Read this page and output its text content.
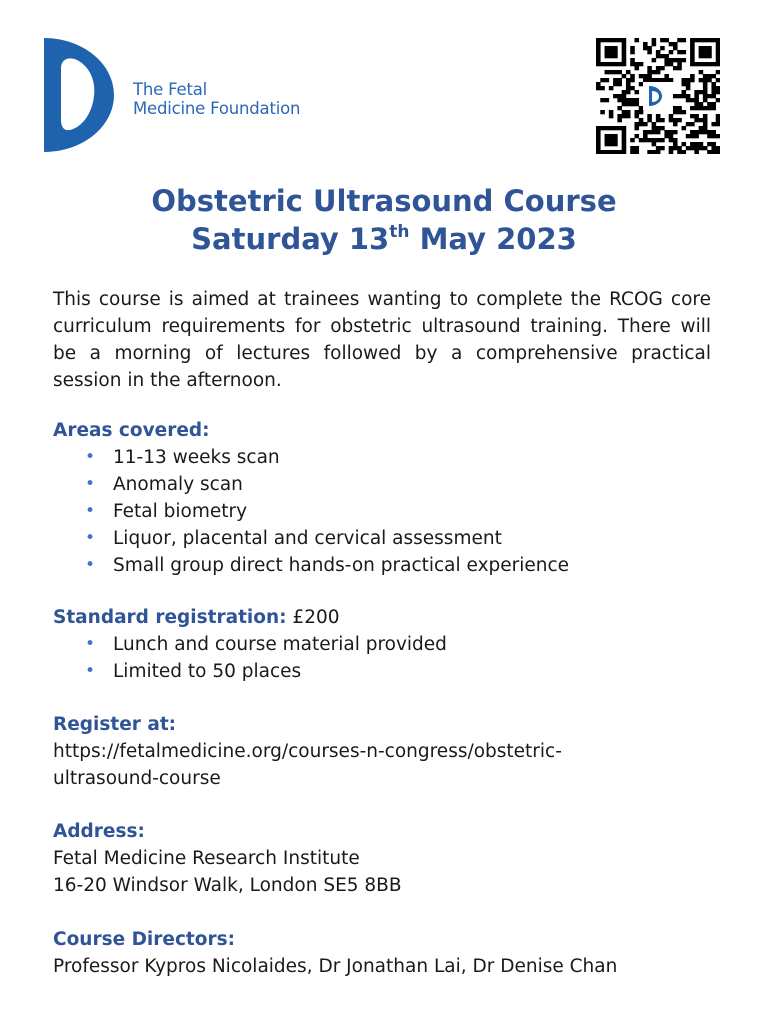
The Fetal
Medicine Foundation
Obstetric Ultrasound Course
Saturday 13th May 2023
This course is aimed at trainees wanting to complete the RCOG core curriculum requirements for obstetric ultrasound training. There will be a morning of lectures followed by a comprehensive practical session in the afternoon.
Areas covered:
• 11-13 weeks scan
• Anomaly scan
• Fetal biometry
• Liquor, placental and cervical assessment
• Small group direct hands-on practical experience
Standard registration: £200
• Lunch and course material provided
• Limited to 50 places
Register at:
https://fetalmedicine.org/courses-n-congress/obstetric-
ultrasound-course
Address:
Fetal Medicine Research Institute
16-20 Windsor Walk, London SE5 8BB
Course Directors:
Professor Kypros Nicolaides, Dr Jonathan Lai, Dr Denise Chan
